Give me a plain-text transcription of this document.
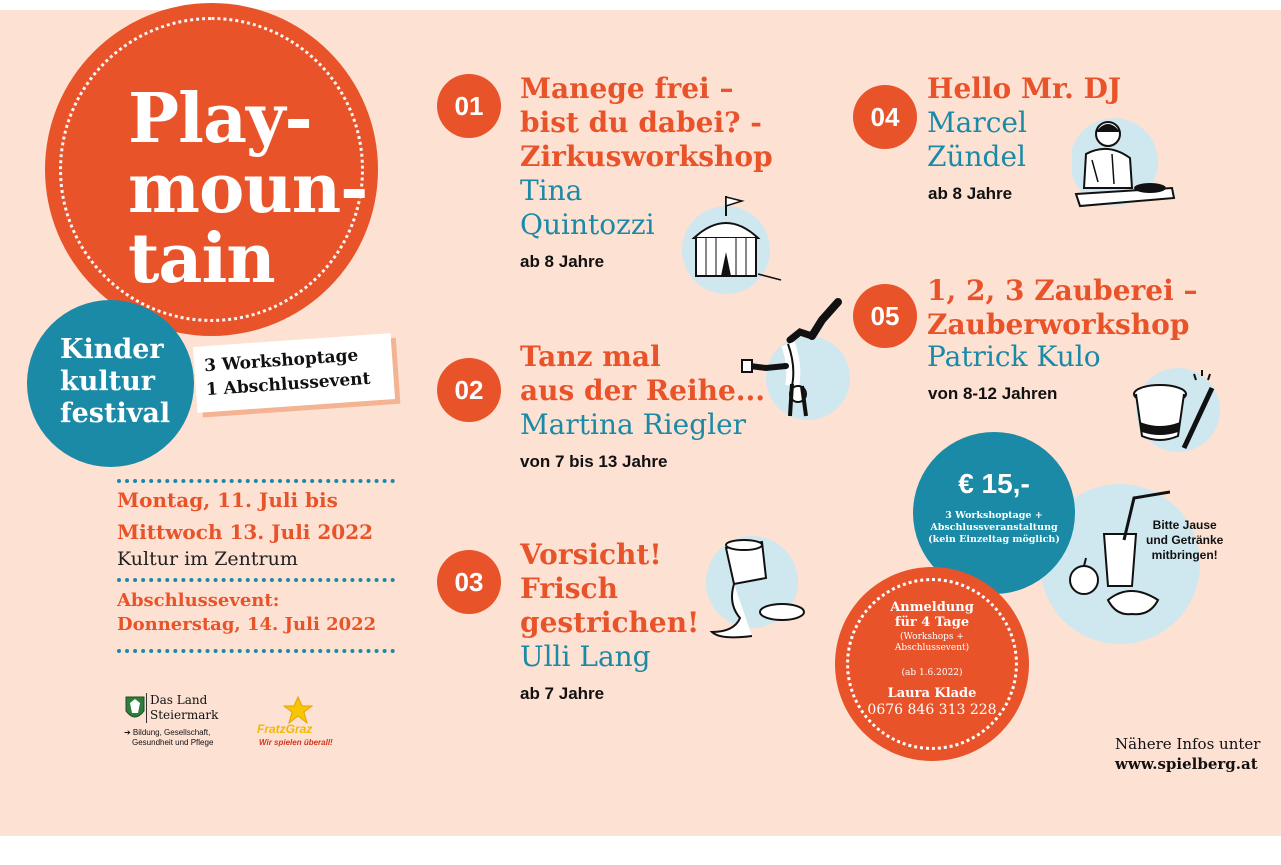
Play-
moun-
tain
Kinder
kultur
festival
3 Workshoptage
1 Abschlussevent
Montag, 11. Juli bis
Mittwoch 13. Juli 2022
Kultur im Zentrum
Abschlussevent:
Donnerstag, 14. Juli 2022
Das Land
Steiermark
➔ Bildung, Gesellschaft,
Gesundheit und Pflege
FratzGraz
Wir spielen überall!
01
Manege frei –
bist du dabei? -
Zirkusworkshop
Tina
Quintozzi
ab 8 Jahre
02
Tanz mal
aus der Reihe...
Martina Riegler
von 7 bis 13 Jahre
03
Vorsicht!
Frisch
gestrichen!
Ulli Lang
ab 7 Jahre
04
Hello Mr. DJ
Marcel
Zündel
ab 8 Jahre
05
1, 2, 3 Zauberei –
Zauberworkshop
Patrick Kulo
von 8-12 Jahren
€ 15,-
3 Workshoptage +
Abschlussveranstaltung
(kein Einzeltag möglich)
Bitte Jause
und Getränke
mitbringen!
Anmeldung
für 4 Tage
(Workshops +
Abschlussevent)
(ab 1.6.2022)
Laura Klade
0676 846 313 228
Nähere Infos unter
www.spielberg.at
